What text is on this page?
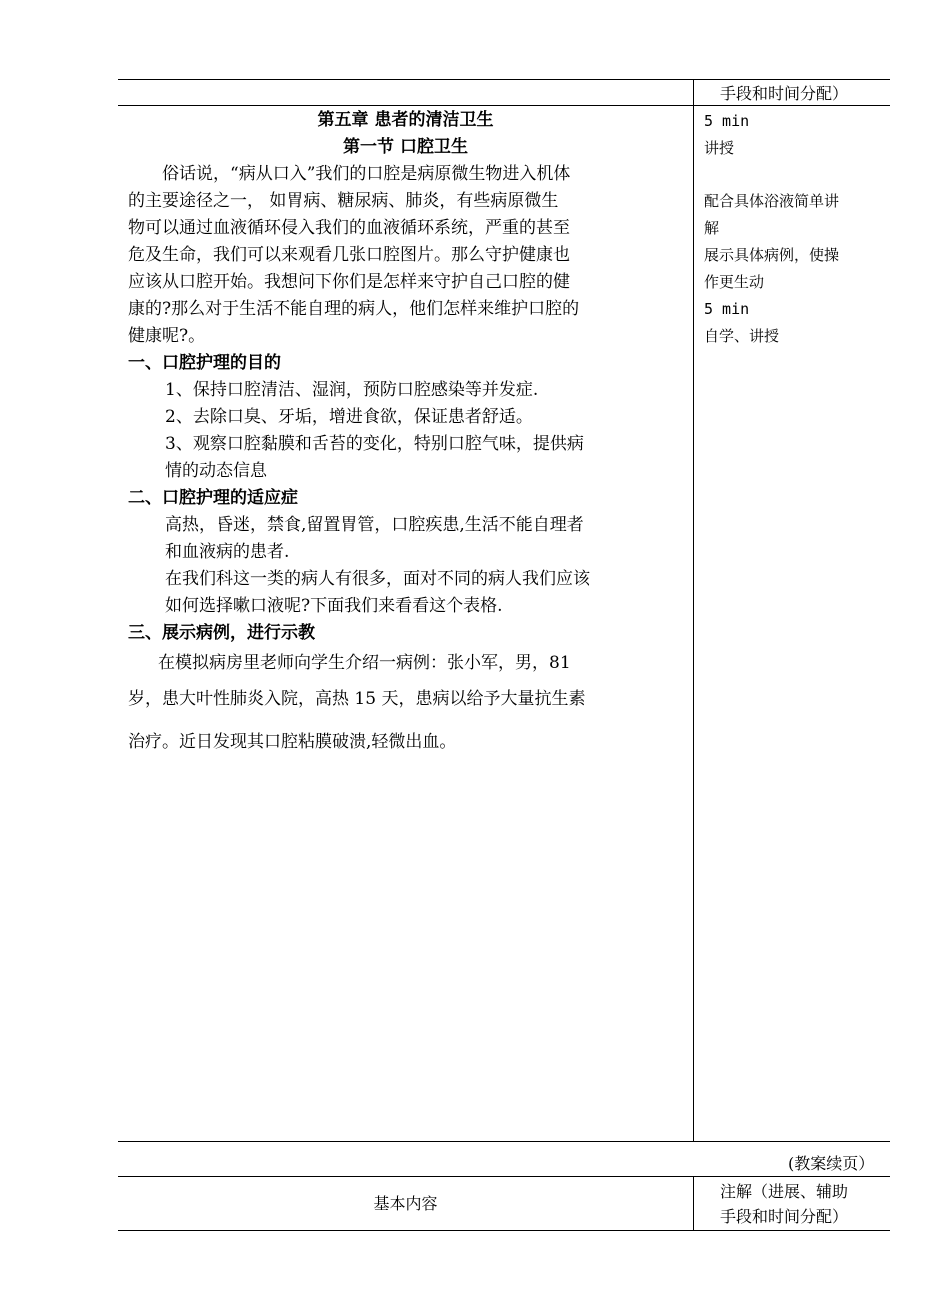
手段和时间分配）
第五章 患者的清洁卫生
第一节 口腔卫生
俗话说，“病从口入”我们的口腔是病原微生物进入机体
的主要途径之一， 如胃病、糖尿病、肺炎，有些病原微生
物可以通过血液循环侵入我们的血液循环系统，严重的甚至
危及生命，我们可以来观看几张口腔图片。那么守护健康也
应该从口腔开始。我想问下你们是怎样来守护自己口腔的健
康的?那么对于生活不能自理的病人，他们怎样来维护口腔的
健康呢?。
一、口腔护理的目的
1、保持口腔清洁、湿润，预防口腔感染等并发症.
2、去除口臭、牙垢，增进食欲，保证患者舒适。
3、观察口腔黏膜和舌苔的变化，特别口腔气味，提供病
情的动态信息
二、口腔护理的适应症
高热，昏迷，禁食,留置胃管，口腔疾患,生活不能自理者
和血液病的患者.
在我们科这一类的病人有很多，面对不同的病人我们应该
如何选择嗽口液呢?下面我们来看看这个表格.
三、展示病例，进行示教
在模拟病房里老师向学生介绍一病例：张小军，男，81
岁，患大叶性肺炎入院，高热 15 天，患病以给予大量抗生素
治疗。近日发现其口腔粘膜破溃,轻微出血。
5 min
讲授
配合具体浴液简单讲
解
展示具体病例，使操
作更生动
5 min
自学、讲授
(教案续页）
基本内容
注解（进展、辅助
手段和时间分配）
